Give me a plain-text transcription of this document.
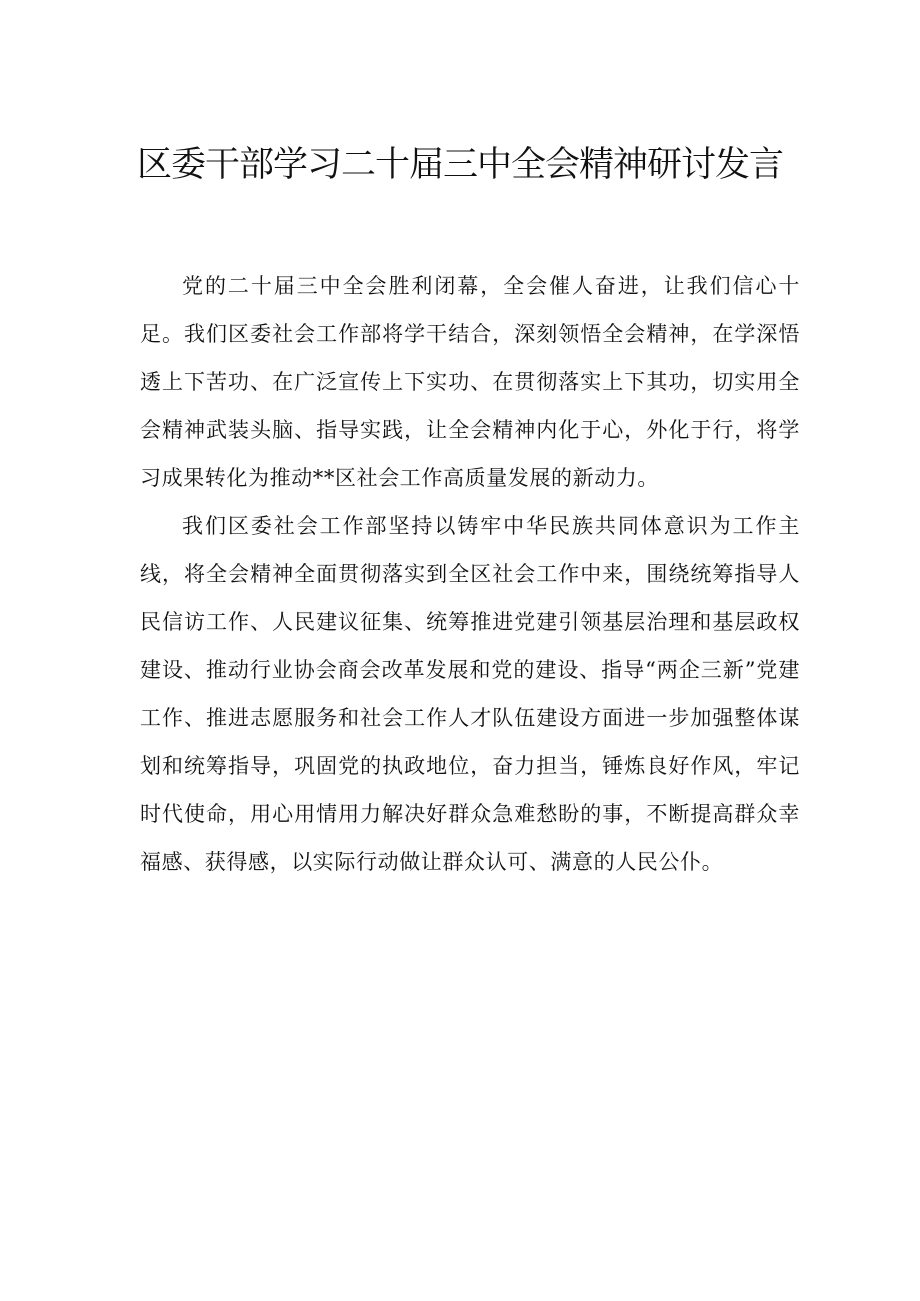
区委干部学习二十届三中全会精神研讨发言

党的二十届三中全会胜利闭幕，全会催人奋进，让我们信心十足。我们区委社会工作部将学干结合，深刻领悟全会精神，在学深悟透上下苦功、在广泛宣传上下实功、在贯彻落实上下其功，切实用全会精神武装头脑、指导实践，让全会精神内化于心，外化于行，将学习成果转化为推动**区社会工作高质量发展的新动力。

我们区委社会工作部坚持以铸牢中华民族共同体意识为工作主线，将全会精神全面贯彻落实到全区社会工作中来，围绕统筹指导人民信访工作、人民建议征集、统筹推进党建引领基层治理和基层政权建设、推动行业协会商会改革发展和党的建设、指导“两企三新”党建工作、推进志愿服务和社会工作人才队伍建设方面进一步加强整体谋划和统筹指导，巩固党的执政地位，奋力担当，锤炼良好作风，牢记时代使命，用心用情用力解决好群众急难愁盼的事，不断提高群众幸福感、获得感，以实际行动做让群众认可、满意的人民公仆。
